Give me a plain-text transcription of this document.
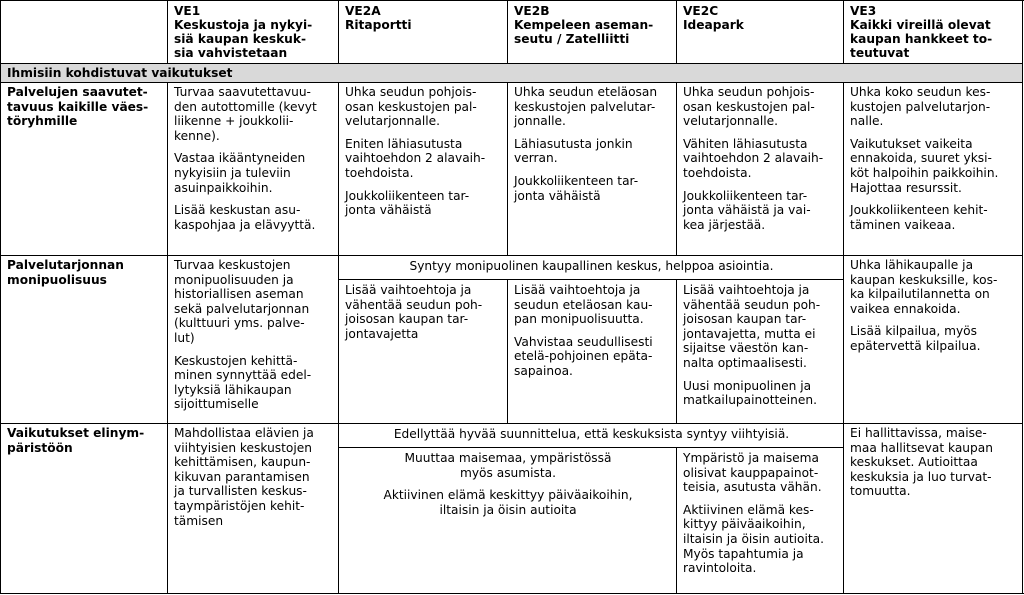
VE1
Keskustoja ja nykyi-
siä kaupan keskuk-
sia vahvistetaan
VE2A
Ritaportti
VE2B
Kempeleen aseman-
seutu / Zatelliitti
VE2C
Ideapark
VE3
Kaikki vireillä olevat
kaupan hankkeet to-
teutuvat
Ihmisiin kohdistuvat vaikutukset

Palvelujen saavutet-
tavuus kaikille väes-
töryhmille

Turvaa saavutettavuu-
den autottomille (kevyt
liikenne + joukkolii-
kenne).

Vastaa ikääntyneiden
nykyisiin ja tuleviin
asuinpaikkoihin.

Lisää keskustan asu-
kaspohjaa ja elävyyttä.

Uhka seudun pohjois-
osan keskustojen pal-
velutarjonnalle.

Eniten lähiasutusta
vaihtoehdon 2 alavaih-
toehdoista.

Joukkoliikenteen tar-
jonta vähäistä

Uhka seudun eteläosan
keskustojen palvelutar-
jonnalle.

Lähiasutusta jonkin
verran.

Joukkoliikenteen tar-
jonta vähäistä

Uhka seudun pohjois-
osan keskustojen pal-
velutarjonnalle.

Vähiten lähiasutusta
vaihtoehdon 2 alavaih-
toehdoista.

Joukkoliikenteen tar-
jonta vähäistä ja vai-
kea järjestää.

Uhka koko seudun kes-
kustojen palvelutarjon-
nalle.

Vaikutukset vaikeita
ennakoida, suuret yksi-
köt halpoihin paikkoihin.
Hajottaa resurssit.

Joukkoliikenteen kehit-
täminen vaikeaa.

Palvelutarjonnan
monipuolisuus

Turvaa keskustojen
monipuolisuuden ja
historiallisen aseman
sekä palvelutarjonnan
(kulttuuri yms. palve-
lut)

Keskustojen kehittä-
minen synnyttää edel-
lytyksiä lähikaupan
sijoittumiselle

Syntyy monipuolinen kaupallinen keskus, helppoa asiointia.

Lisää vaihtoehtoja ja
vähentää seudun poh-
joisosan kaupan tar-
jontavajetta

Lisää vaihtoehtoja ja
seudun eteläosan kau-
pan monipuolisuutta.

Vahvistaa seudullisesti
etelä-pohjoinen epäta-
sapainoa.

Lisää vaihtoehtoja ja
vähentää seudun poh-
joisosan kaupan tar-
jontavajetta, mutta ei
sijaitse väestön kan-
nalta optimaalisesti.

Uusi monipuolinen ja
matkailupainotteinen.

Uhka lähikaupalle ja
kaupan keskuksille, kos-
ka kilpailutilannetta on
vaikea ennakoida.

Lisää kilpailua, myös
epätervettä kilpailua.

Vaikutukset elinym-
päristöön

Mahdollistaa elävien ja
viihtyisien keskustojen
kehittämisen, kaupun-
kikuvan parantamisen
ja turvallisten keskus-
taympäristöjen kehit-
tämisen

Edellyttää hyvää suunnittelua, että keskuksista syntyy viihtyisiä.

Muuttaa maisemaa, ympäristössä
myös asumista.

Aktiivinen elämä keskittyy päiväaikoihin,
iltaisin ja öisin autioita

Ympäristö ja maisema
olisivat kauppapainot-
teisia, asutusta vähän.

Aktiivinen elämä kes-
kittyy päiväaikoihin,
iltaisin ja öisin autioita.
Myös tapahtumia ja
ravintoloita.

Ei hallittavissa, maise-
maa hallitsevat kaupan
keskukset. Autioittaa
keskuksia ja luo turvat-
tomuutta.
